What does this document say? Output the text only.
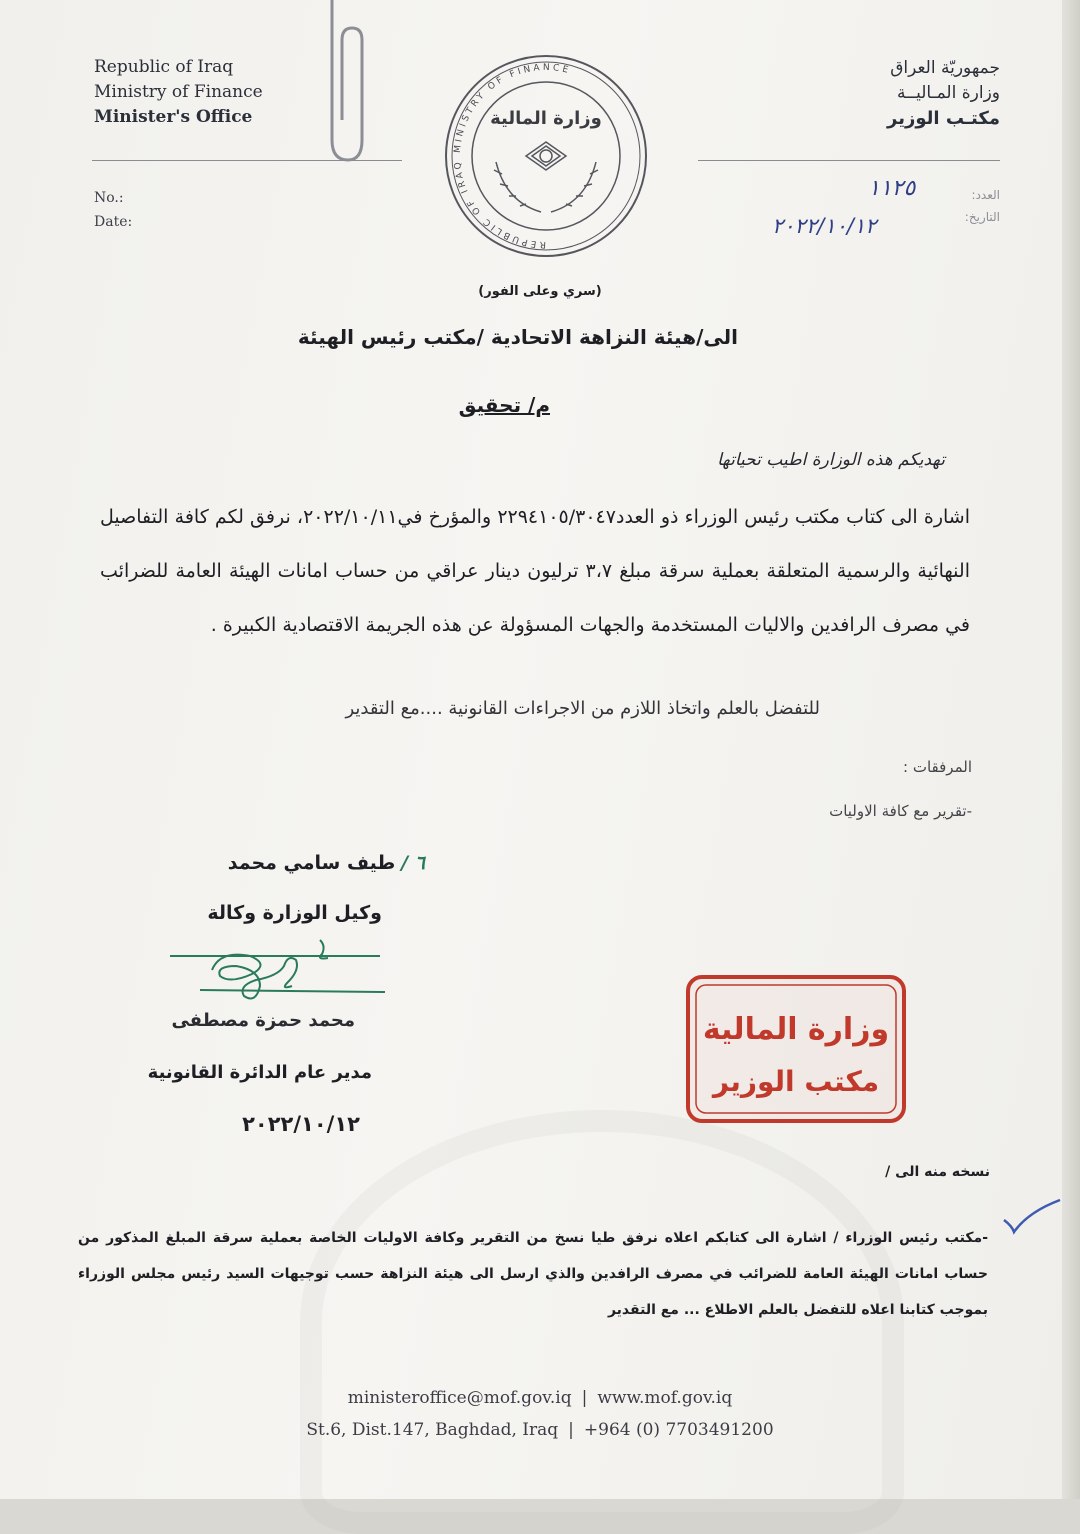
Republic of Iraq
Ministry of Finance
Minister's Office
جمهوريّة العراق
وزارة المـاليــة
مكتـب الوزير
REPUBLIC OF IRAQ MINISTRY OF FINANCE
وزارة المالية
No.:
Date:
العدد:
التاريخ:
١١٢٥
٢٠٢٢/١٠/١٢
(سري وعلى الفور)
الى/هيئة النزاهة الاتحادية /مكتب رئيس الهيئة
م/ تحقيق
تهديكم هذه الوزارة اطيب تحياتها
اشارة الى كتاب مكتب رئيس الوزراء ذو العدد٢٢٩٤١٠٥/٣٠٤٧ والمؤرخ في٢٠٢٢/١٠/١١، نرفق لكم كافة التفاصيل النهائية والرسمية المتعلقة بعملية سرقة مبلغ ٣،٧ ترليون دينار عراقي من حساب امانات الهيئة العامة للضرائب في مصرف الرافدين والاليات المستخدمة والجهات المسؤولة عن هذه الجريمة الاقتصادية الكبيرة .
للتفضل بالعلم واتخاذ اللازم من الاجراءات القانونية ....مع التقدير
المرفقات :
-تقرير مع كافة الاوليات
٦ /طيف سامي محمد
وكيل الوزارة وكالة
محمد حمزة مصطفى
مدير عام الدائرة القانونية
٢٠٢٢/١٠/١٢
وزارة المالية
مكتب الوزير
نسخه منه الى /
-مكتب رئيس الوزراء / اشارة الى كتابكم اعلاه نرفق طيا نسخ من التقرير وكافة الاوليات الخاصة بعملية سرقة المبلغ المذكور من حساب امانات الهيئة العامة للضرائب في مصرف الرافدين والذي ارسل الى هيئة النزاهة حسب توجيهات السيد رئيس مجلس الوزراء بموجب كتابنا اعلاه للتفضل بالعلم الاطلاع ... مع التقدير
ministeroffice@mof.gov.iq | www.mof.gov.iq
St.6, Dist.147, Baghdad, Iraq | +964 (0) 7703491200
